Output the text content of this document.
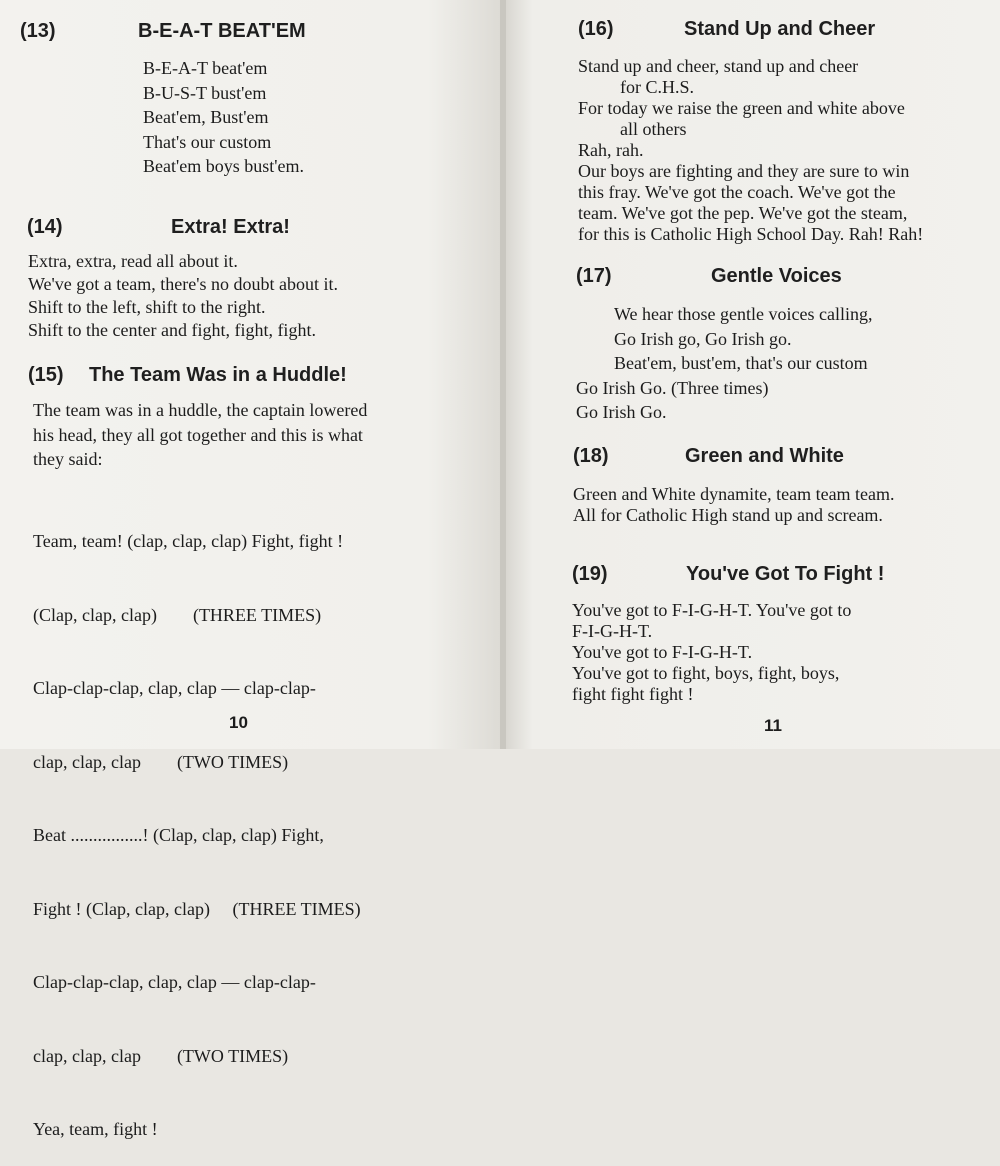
(13)	B-E-A-T BEAT'EM
B-E-A-T beat'em
B-U-S-T bust'em
Beat'em, Bust'em
That's our custom
Beat'em boys bust'em.
(14)	Extra! Extra!
Extra, extra, read all about it.
We've got a team, there's no doubt about it.
Shift to the left, shift to the right.
Shift to the center and fight, fight, fight.
(15) The Team Was in a Huddle!
The team was in a huddle, the captain lowered
his head, they all got together and this is what
they said:

Team, team! (clap, clap, clap) Fight, fight !

(Clap, clap, clap)        (THREE TIMES)

Clap-clap-clap, clap, clap — clap-clap-

clap, clap, clap        (TWO TIMES)

Beat ................! (Clap, clap, clap) Fight,

Fight ! (Clap, clap, clap)     (THREE TIMES)

Clap-clap-clap, clap, clap — clap-clap-

clap, clap, clap        (TWO TIMES)

Yea, team, fight !

10
(16)	Stand Up and Cheer
Stand up and cheer, stand up and cheer
for C.H.S.
For today we raise the green and white above
all others
Rah, rah.
Our boys are fighting and they are sure to win
this fray. We've got the coach. We've got the
team. We've got the pep. We've got the steam,
for this is Catholic High School Day. Rah! Rah!
(17)	Gentle Voices
We hear those gentle voices calling,
Go Irish go, Go Irish go.
Beat'em, bust'em, that's our custom
Go Irish Go. (Three times)
Go Irish Go.
(18)	Green and White
Green and White dynamite, team team team.
All for Catholic High stand up and scream.
(19)	You've Got To Fight !
You've got to F-I-G-H-T. You've got to
F-I-G-H-T.
You've got to F-I-G-H-T.
You've got to fight, boys, fight, boys,
fight fight fight !
11
